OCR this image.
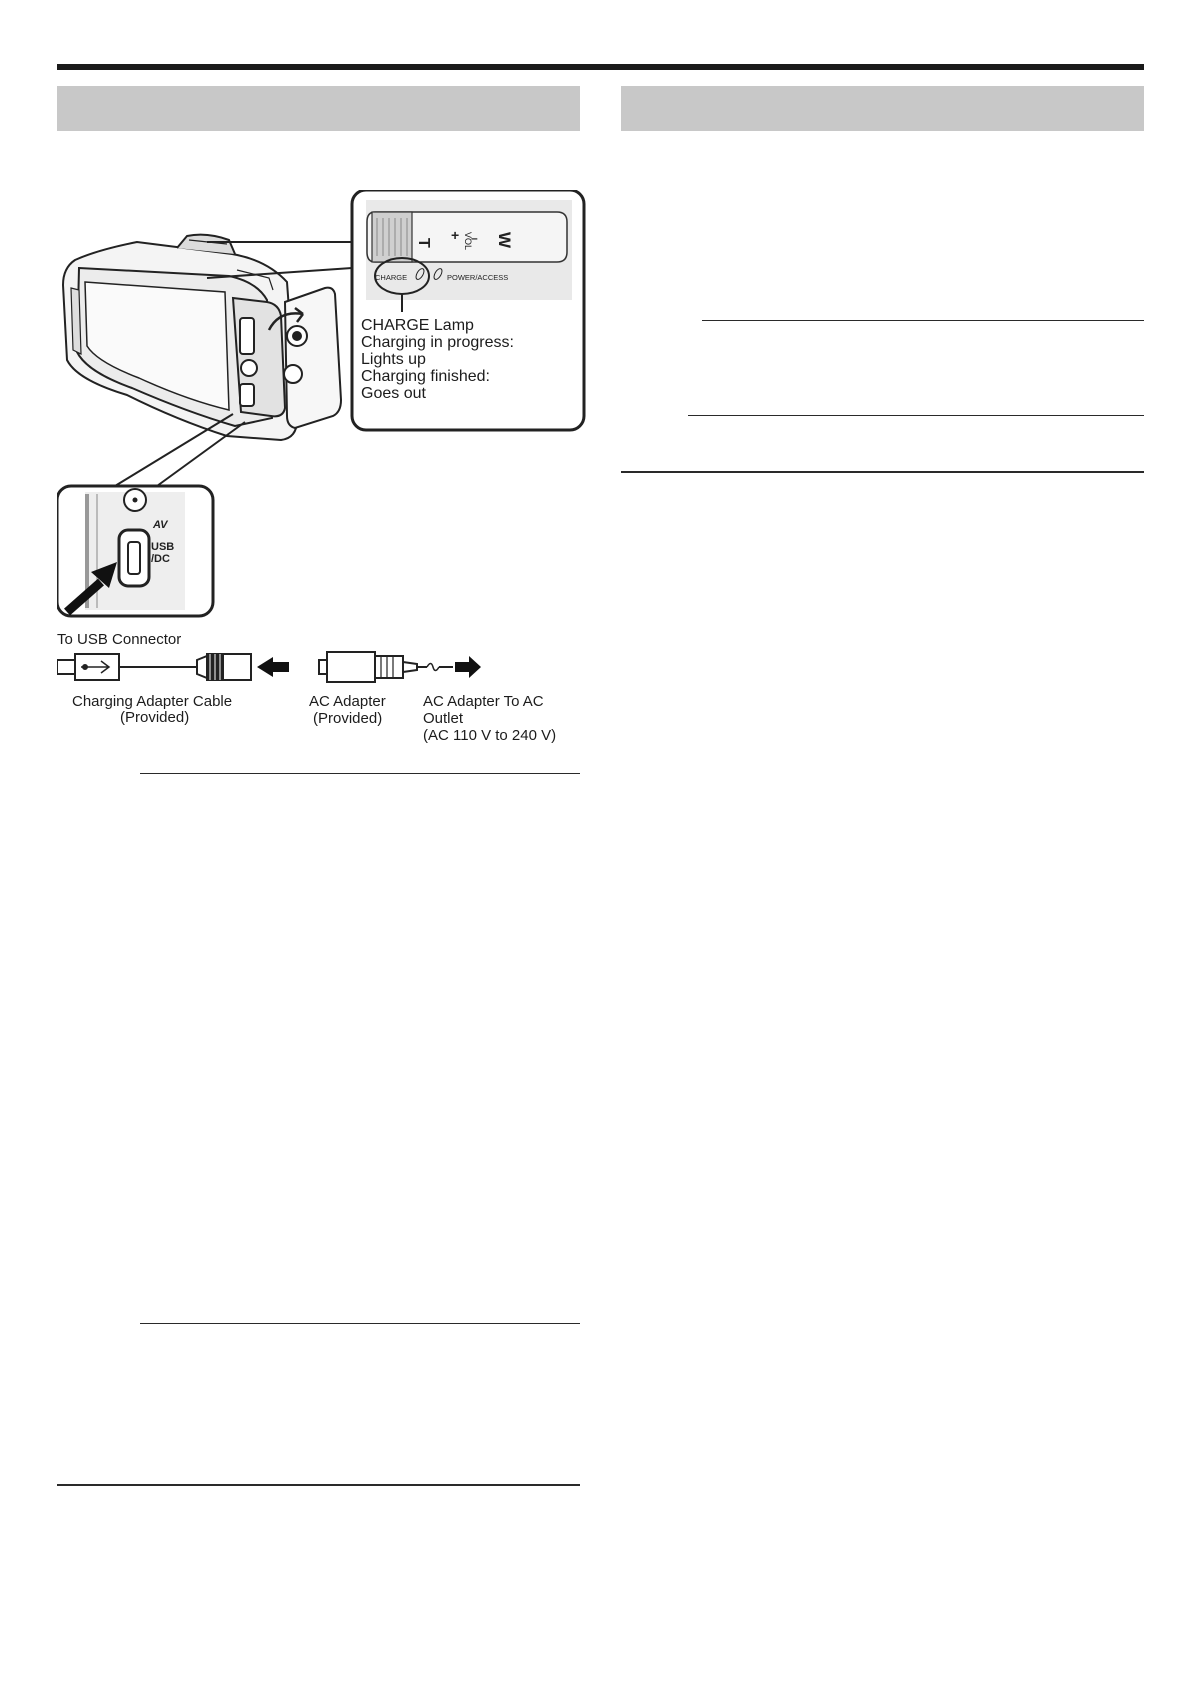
T + VOL
– W
CHARGE	POWER/ACCESS
CHARGE Lamp
Charging in progress:
Lights up
Charging finished:
Goes out
AV
USB
/DC
To USB Connector
Charging Adapter Cable
(Provided)
AC Adapter
(Provided)
AC Adapter To AC
Outlet
(AC 110 V to 240 V)
